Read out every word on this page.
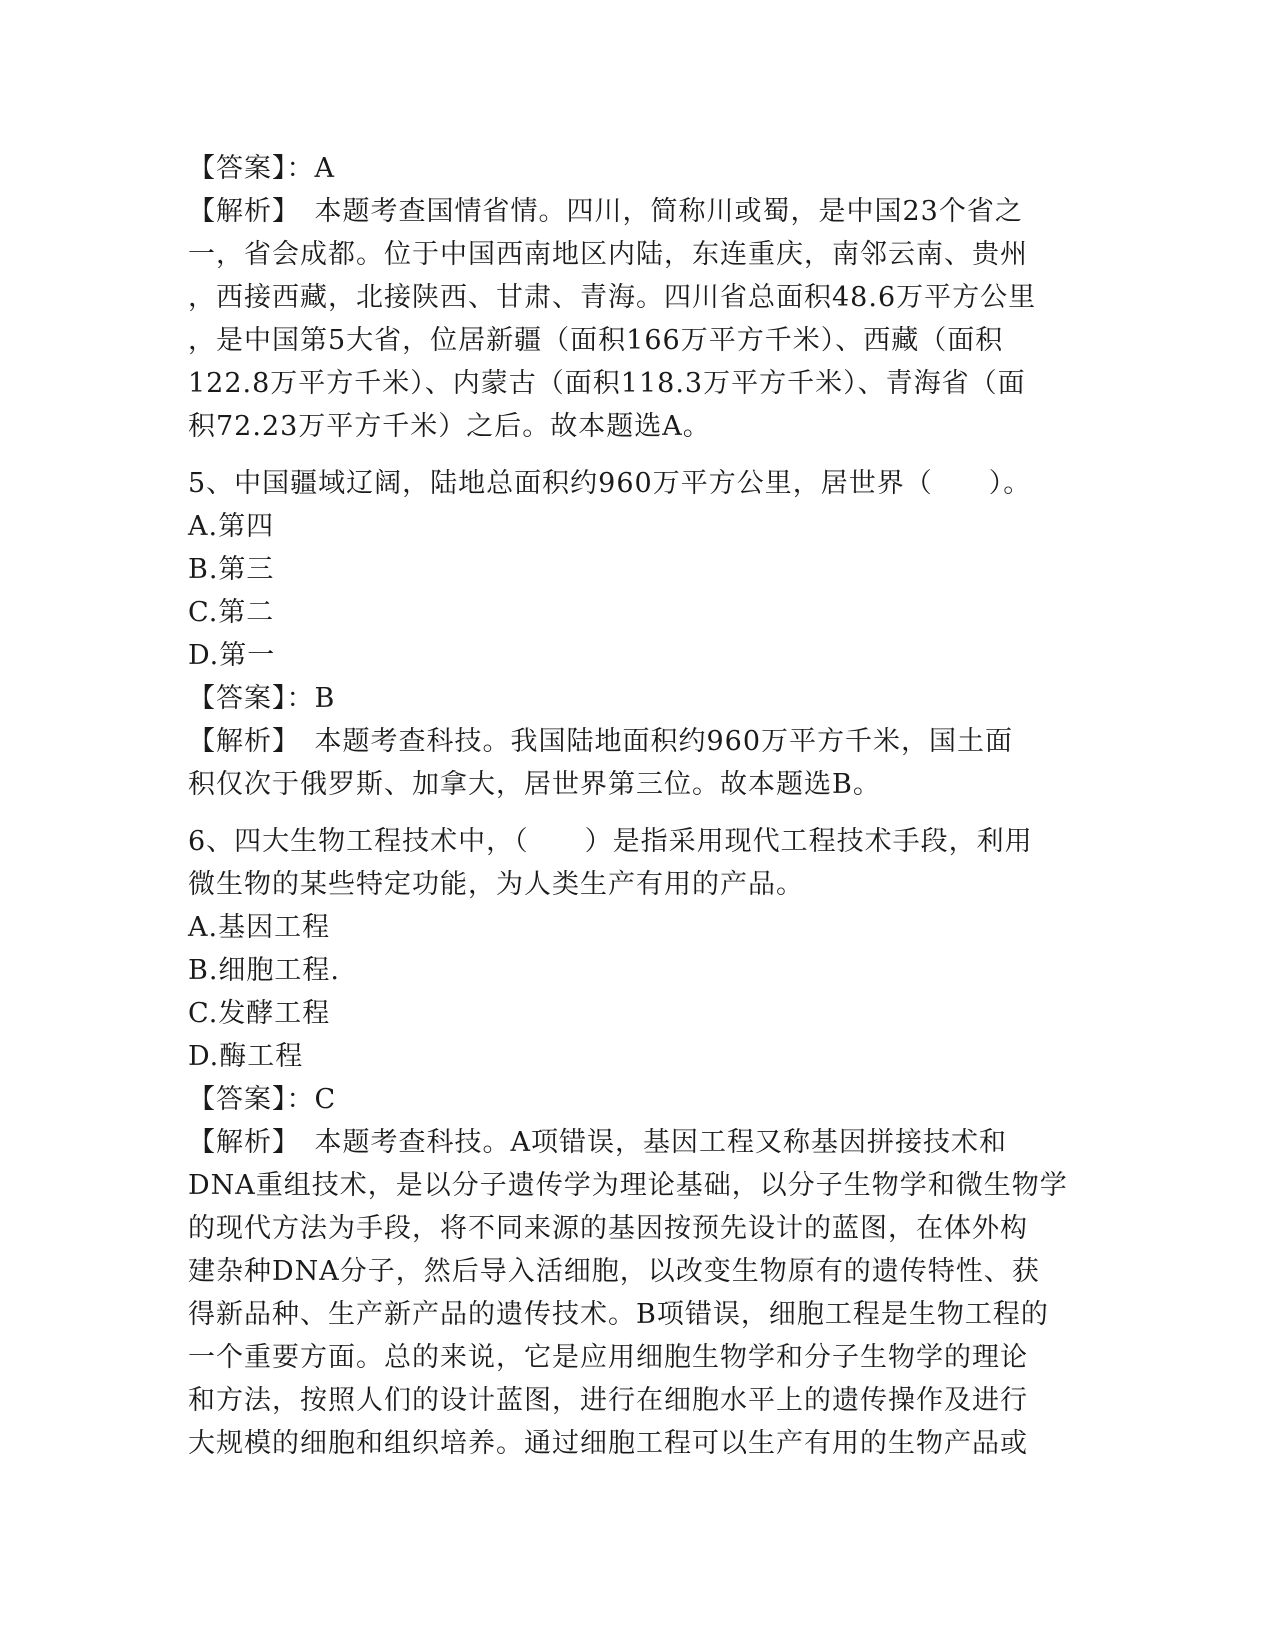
【答案】：A
【解析】　本题考查国情省情。四川，简称川或蜀，是中国23个省之
一，省会成都。位于中国西南地区内陆，东连重庆，南邻云南、贵州
，西接西藏，北接陕西、甘肃、青海。四川省总面积48.6万平方公里
，是中国第5大省，位居新疆（面积166万平方千米）、西藏（面积
122.8万平方千米）、内蒙古（面积118.3万平方千米）、青海省（面
积72.23万平方千米）之后。故本题选A。
5、中国疆域辽阔，陆地总面积约960万平方公里，居世界（　　）。
A.第四
B.第三
C.第二
D.第一
【答案】：B
【解析】　本题考查科技。我国陆地面积约960万平方千米，国土面
积仅次于俄罗斯、加拿大，居世界第三位。故本题选B。
6、四大生物工程技术中，（　　）是指采用现代工程技术手段，利用
微生物的某些特定功能，为人类生产有用的产品。
A.基因工程
B.细胞工程.
C.发酵工程
D.酶工程
【答案】：C
【解析】　本题考查科技。A项错误，基因工程又称基因拼接技术和
DNA重组技术，是以分子遗传学为理论基础，以分子生物学和微生物学
的现代方法为手段，将不同来源的基因按预先设计的蓝图，在体外构
建杂种DNA分子，然后导入活细胞，以改变生物原有的遗传特性、获
得新品种、生产新产品的遗传技术。B项错误，细胞工程是生物工程的
一个重要方面。总的来说，它是应用细胞生物学和分子生物学的理论
和方法，按照人们的设计蓝图，进行在细胞水平上的遗传操作及进行
大规模的细胞和组织培养。通过细胞工程可以生产有用的生物产品或
